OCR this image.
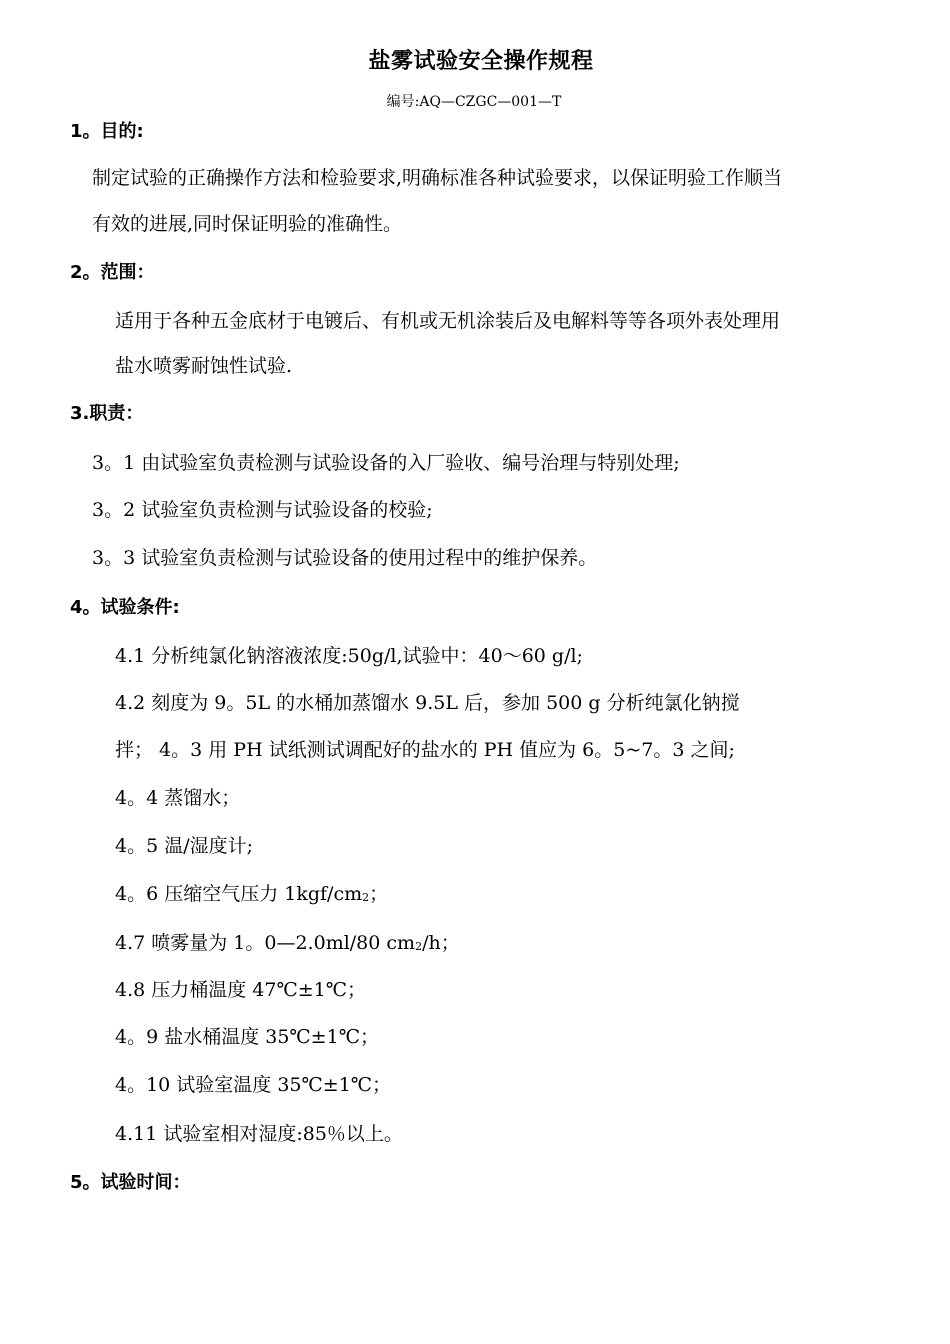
盐雾试验安全操作规程
编号:AQ—CZGC—001—T
1。目的:
制定试验的正确操作方法和检验要求,明确标准各种试验要求，以保证明验工作顺当
有效的进展,同时保证明验的准确性。
2。范围：
适用于各种五金底材于电镀后、有机或无机涂装后及电解料等等各项外表处理用
盐水喷雾耐蚀性试验.
3.职责：
3。1 由试验室负责检测与试验设备的入厂验收、编号治理与特别处理;
3。2 试验室负责检测与试验设备的校验;
3。3 试验室负责检测与试验设备的使用过程中的维护保养。
4。试验条件:
4.1 分析纯氯化钠溶液浓度:50g/l,试验中：40～60 g/l;
4.2 刻度为 9。5L 的水桶加蒸馏水 9.5L 后，参加 500 g 分析纯氯化钠搅
拌； 4。3 用 PH 试纸测试调配好的盐水的 PH 值应为 6。5~7。3 之间;
4。4 蒸馏水；
4。5 温/湿度计;
4。6 压缩空气压力 $1kgf/cm^2$；
4.7 喷雾量为 1。0—2.0ml/80 $cm^2/h$；
4.8 压力桶温度 47℃±1℃；
4。9 盐水桶温度 35℃±1℃；
4。10 试验室温度 35℃±1℃；
4.11 试验室相对湿度:85％以上。
5。试验时间：
